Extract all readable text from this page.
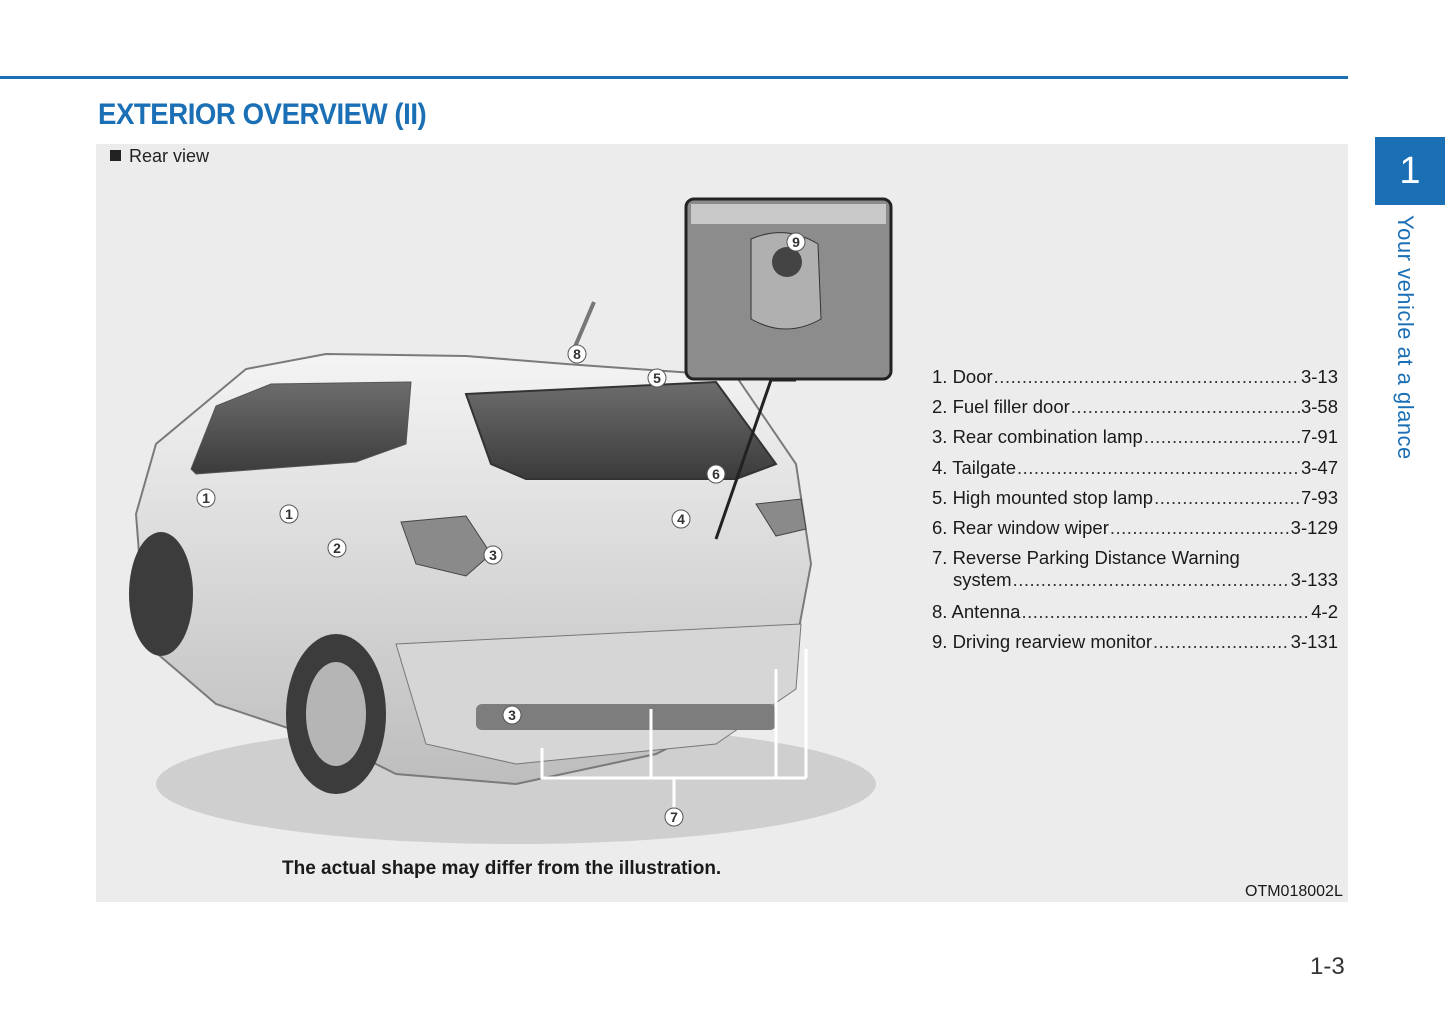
EXTERIOR OVERVIEW (II)
Rear view
1
1
2	3
3
4
5
6
7
8
9
1. Door .....	3-13
2. Fuel filler door .....	3-58
3. Rear combination lamp .....	7-91
4. Tailgate .....	3-47
5. High mounted stop lamp .....	7-93
6. Rear window wiper .....	3-129
7. Reverse Parking Distance Warning
system .....	3-133
8. Antenna .....	4-2
9. Driving rearview monitor .....	3-131
The actual shape may differ from the illustration.
OTM018002L
1
Your vehicle at a glance
1-3
